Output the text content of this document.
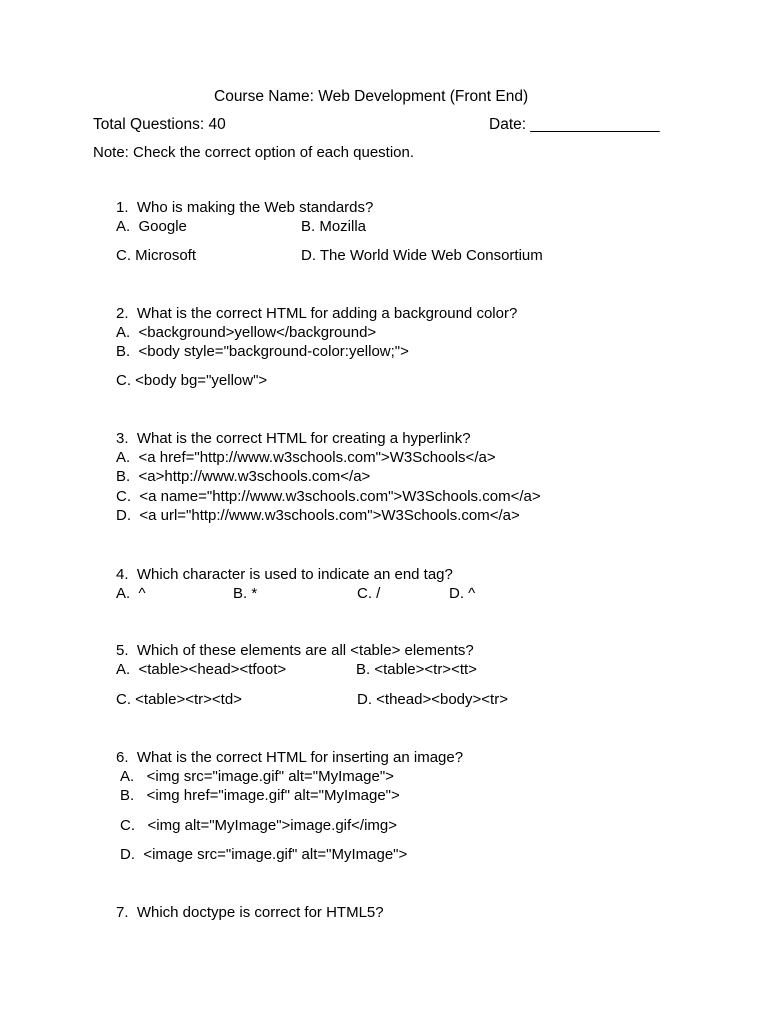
Course Name: Web Development (Front End)
Total Questions: 40	Date: _______________
Note: Check the correct option of each question.
1.  Who is making the Web standards?
A.  Google	B. Mozilla
C. Microsoft	D. The World Wide Web Consortium
2.  What is the correct HTML for adding a background color?
A.  <background>yellow</background>
B.  <body style="background-color:yellow;">
C. <body bg="yellow">
3.  What is the correct HTML for creating a hyperlink?
A.  <a href="http://www.w3schools.com">W3Schools</a>
B.  <a>http://www.w3schools.com</a>
C.  <a name="http://www.w3schools.com">W3Schools.com</a>
D.  <a url="http://www.w3schools.com">W3Schools.com</a>
4.  Which character is used to indicate an end tag?
A.  ^	B. *	C. /	D. ^
5.  Which of these elements are all <table> elements?
A.  <table><head><tfoot>	B. <table><tr><tt>
C. <table><tr><td>	D. <thead><body><tr>
6.  What is the correct HTML for inserting an image?
A.   <img src="image.gif" alt="MyImage">
B.   <img href="image.gif" alt="MyImage">
C.   <img alt="MyImage">image.gif</img>
D.  <image src="image.gif" alt="MyImage">
7.  Which doctype is correct for HTML5?
